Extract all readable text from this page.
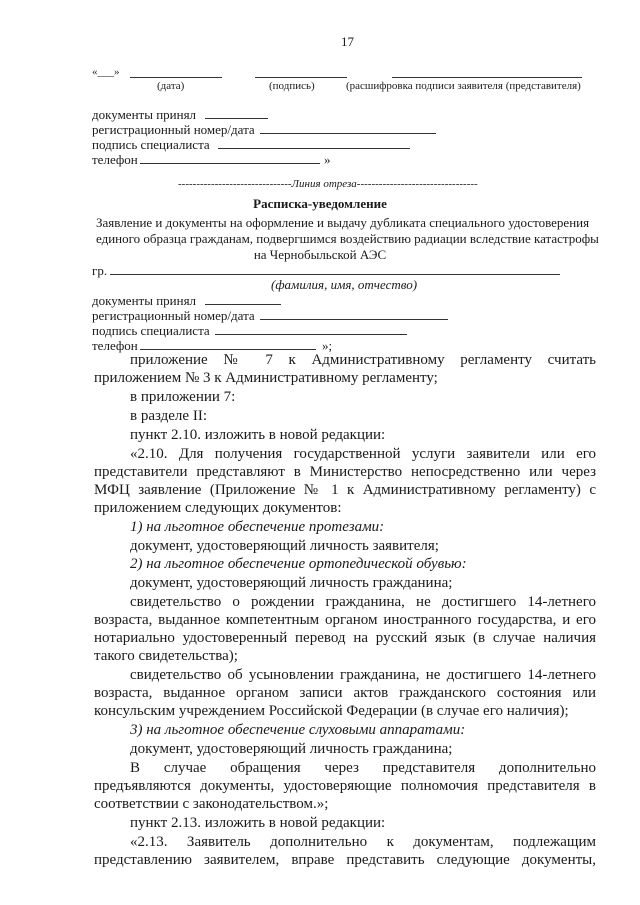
17
«___»
(дата)	(подпись)	(расшифровка подписи заявителя (представителя)
документы принял
регистрационный номер/дата
подпись специалиста
телефон	»
-------------------------------Линия отреза---------------------------------
Расписка-уведомление
Заявление и документы на оформление и выдачу дубликата специального удостоверения
единого образца гражданам, подвергшимся воздействию радиации вследствие катастрофы
на Чернобыльской АЭС
гр.
(фамилия, имя, отчество)
документы принял
регистрационный номер/дата
подпись специалиста
телефон	»;
приложение № 7 к Административному регламенту считать
приложением № 3 к Административному регламенту;
в приложении 7:
в разделе II:
пункт 2.10. изложить в новой редакции:
«2.10. Для получения государственной услуги заявители или его
представители представляют в Министерство непосредственно или через
МФЦ заявление (Приложение № 1 к Административному регламенту) с
приложением следующих документов:
1) на льготное обеспечение протезами:
документ, удостоверяющий личность заявителя;
2) на льготное обеспечение ортопедической обувью:
документ, удостоверяющий личность гражданина;
свидетельство о рождении гражданина, не достигшего 14-летнего
возраста, выданное компетентным органом иностранного государства, и его
нотариально удостоверенный перевод на русский язык (в случае наличия
такого свидетельства);
свидетельство об усыновлении гражданина, не достигшего 14-летнего
возраста, выданное органом записи актов гражданского состояния или
консульским учреждением Российской Федерации (в случае его наличия);
3) на льготное обеспечение слуховыми аппаратами:
документ, удостоверяющий личность гражданина;
В случае обращения через представителя дополнительно
предъявляются документы, удостоверяющие полномочия представителя в
соответствии с законодательством.»;
пункт 2.13. изложить в новой редакции:
«2.13. Заявитель дополнительно к документам, подлежащим
представлению заявителем, вправе представить следующие документы,
